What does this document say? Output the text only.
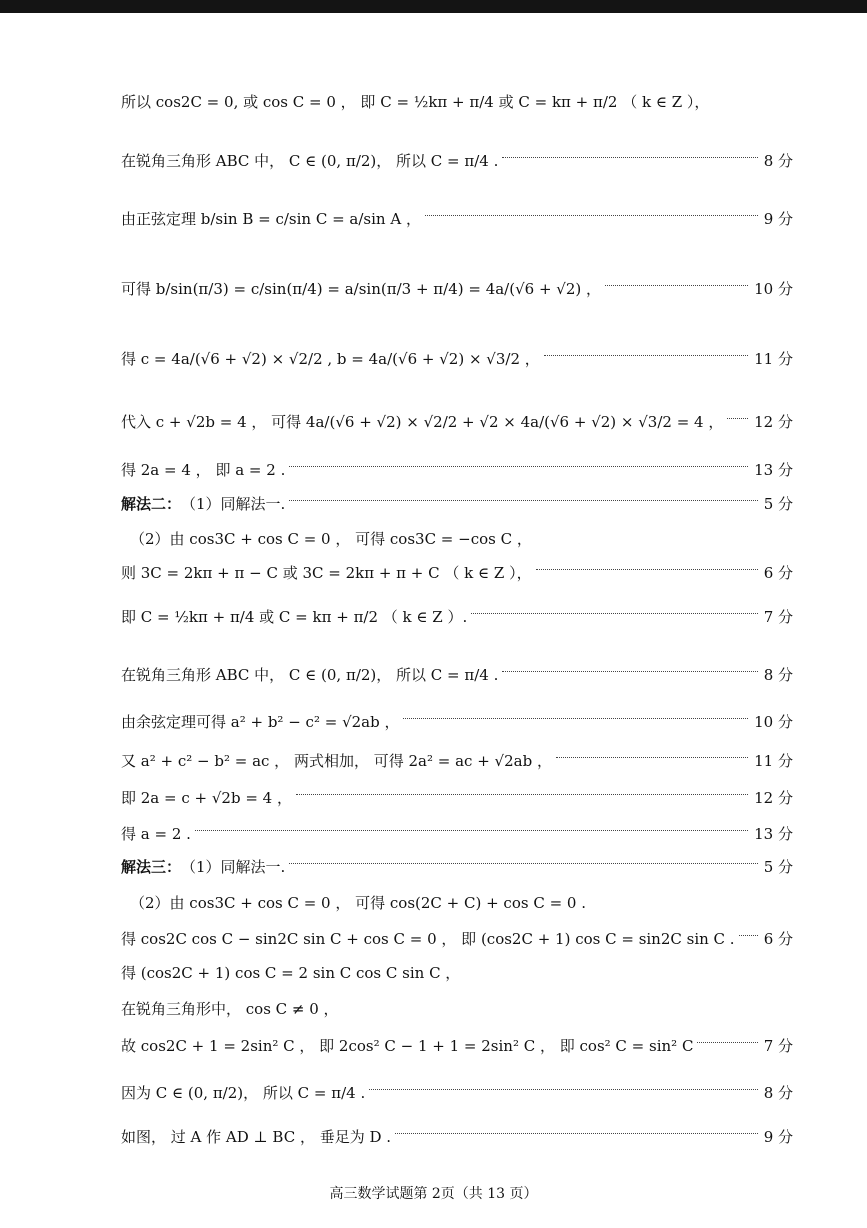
所以 cos2C = 0, 或 cos C = 0 ， 即 C = ½kπ + π/4 或 C = kπ + π/2 （ k ∈ Z ），
在锐角三角形 ABC 中， C ∈ (0, π/2)， 所以 C = π/4 .	8 分
由正弦定理 b/sin B = c/sin C = a/sin A ，	9 分
可得 b/sin(π/3) = c/sin(π/4) = a/sin(π/3 + π/4) = 4a/(√6 + √2) ，	10 分
得 c = 4a/(√6 + √2) × √2/2 , b = 4a/(√6 + √2) × √3/2 ，	11 分
代入 c + √2b = 4 ， 可得 4a/(√6 + √2) × √2/2 + √2 × 4a/(√6 + √2) × √3/2 = 4 ， 12 分
得 2a = 4 ， 即 a = 2 .	13 分
解法二： （1）同解法一.	5 分
（2）由 cos3C + cos C = 0 ， 可得 cos3C = −cos C ，
则 3C = 2kπ + π − C 或 3C = 2kπ + π + C （ k ∈ Z ），	6 分
即 C = ½kπ + π/4 或 C = kπ + π/2 （ k ∈ Z ）.	7 分
在锐角三角形 ABC 中， C ∈ (0, π/2)， 所以 C = π/4 .	8 分
由余弦定理可得 a² + b² − c² = √2ab ，	10 分
又 a² + c² − b² = ac ， 两式相加， 可得 2a² = ac + √2ab ，	11 分
即 2a = c + √2b = 4 ，	12 分
得 a = 2 .	13 分
解法三： （1）同解法一.	5 分
（2）由 cos3C + cos C = 0 ， 可得 cos(2C + C) + cos C = 0 .
得 cos2C cos C − sin2C sin C + cos C = 0 ， 即 (cos2C + 1) cos C = sin2C sin C . 6 分
得 (cos2C + 1) cos C = 2 sin C cos C sin C ，
在锐角三角形中， cos C ≠ 0 ，
故 cos2C + 1 = 2sin² C ， 即 2cos² C − 1 + 1 = 2sin² C ， 即 cos² C = sin² C	7 分
因为 C ∈ (0, π/2)， 所以 C = π/4 .	8 分
如图， 过 A 作 AD ⊥ BC ， 垂足为 D .	9 分
高三数学试题第 2页（共 13 页）
